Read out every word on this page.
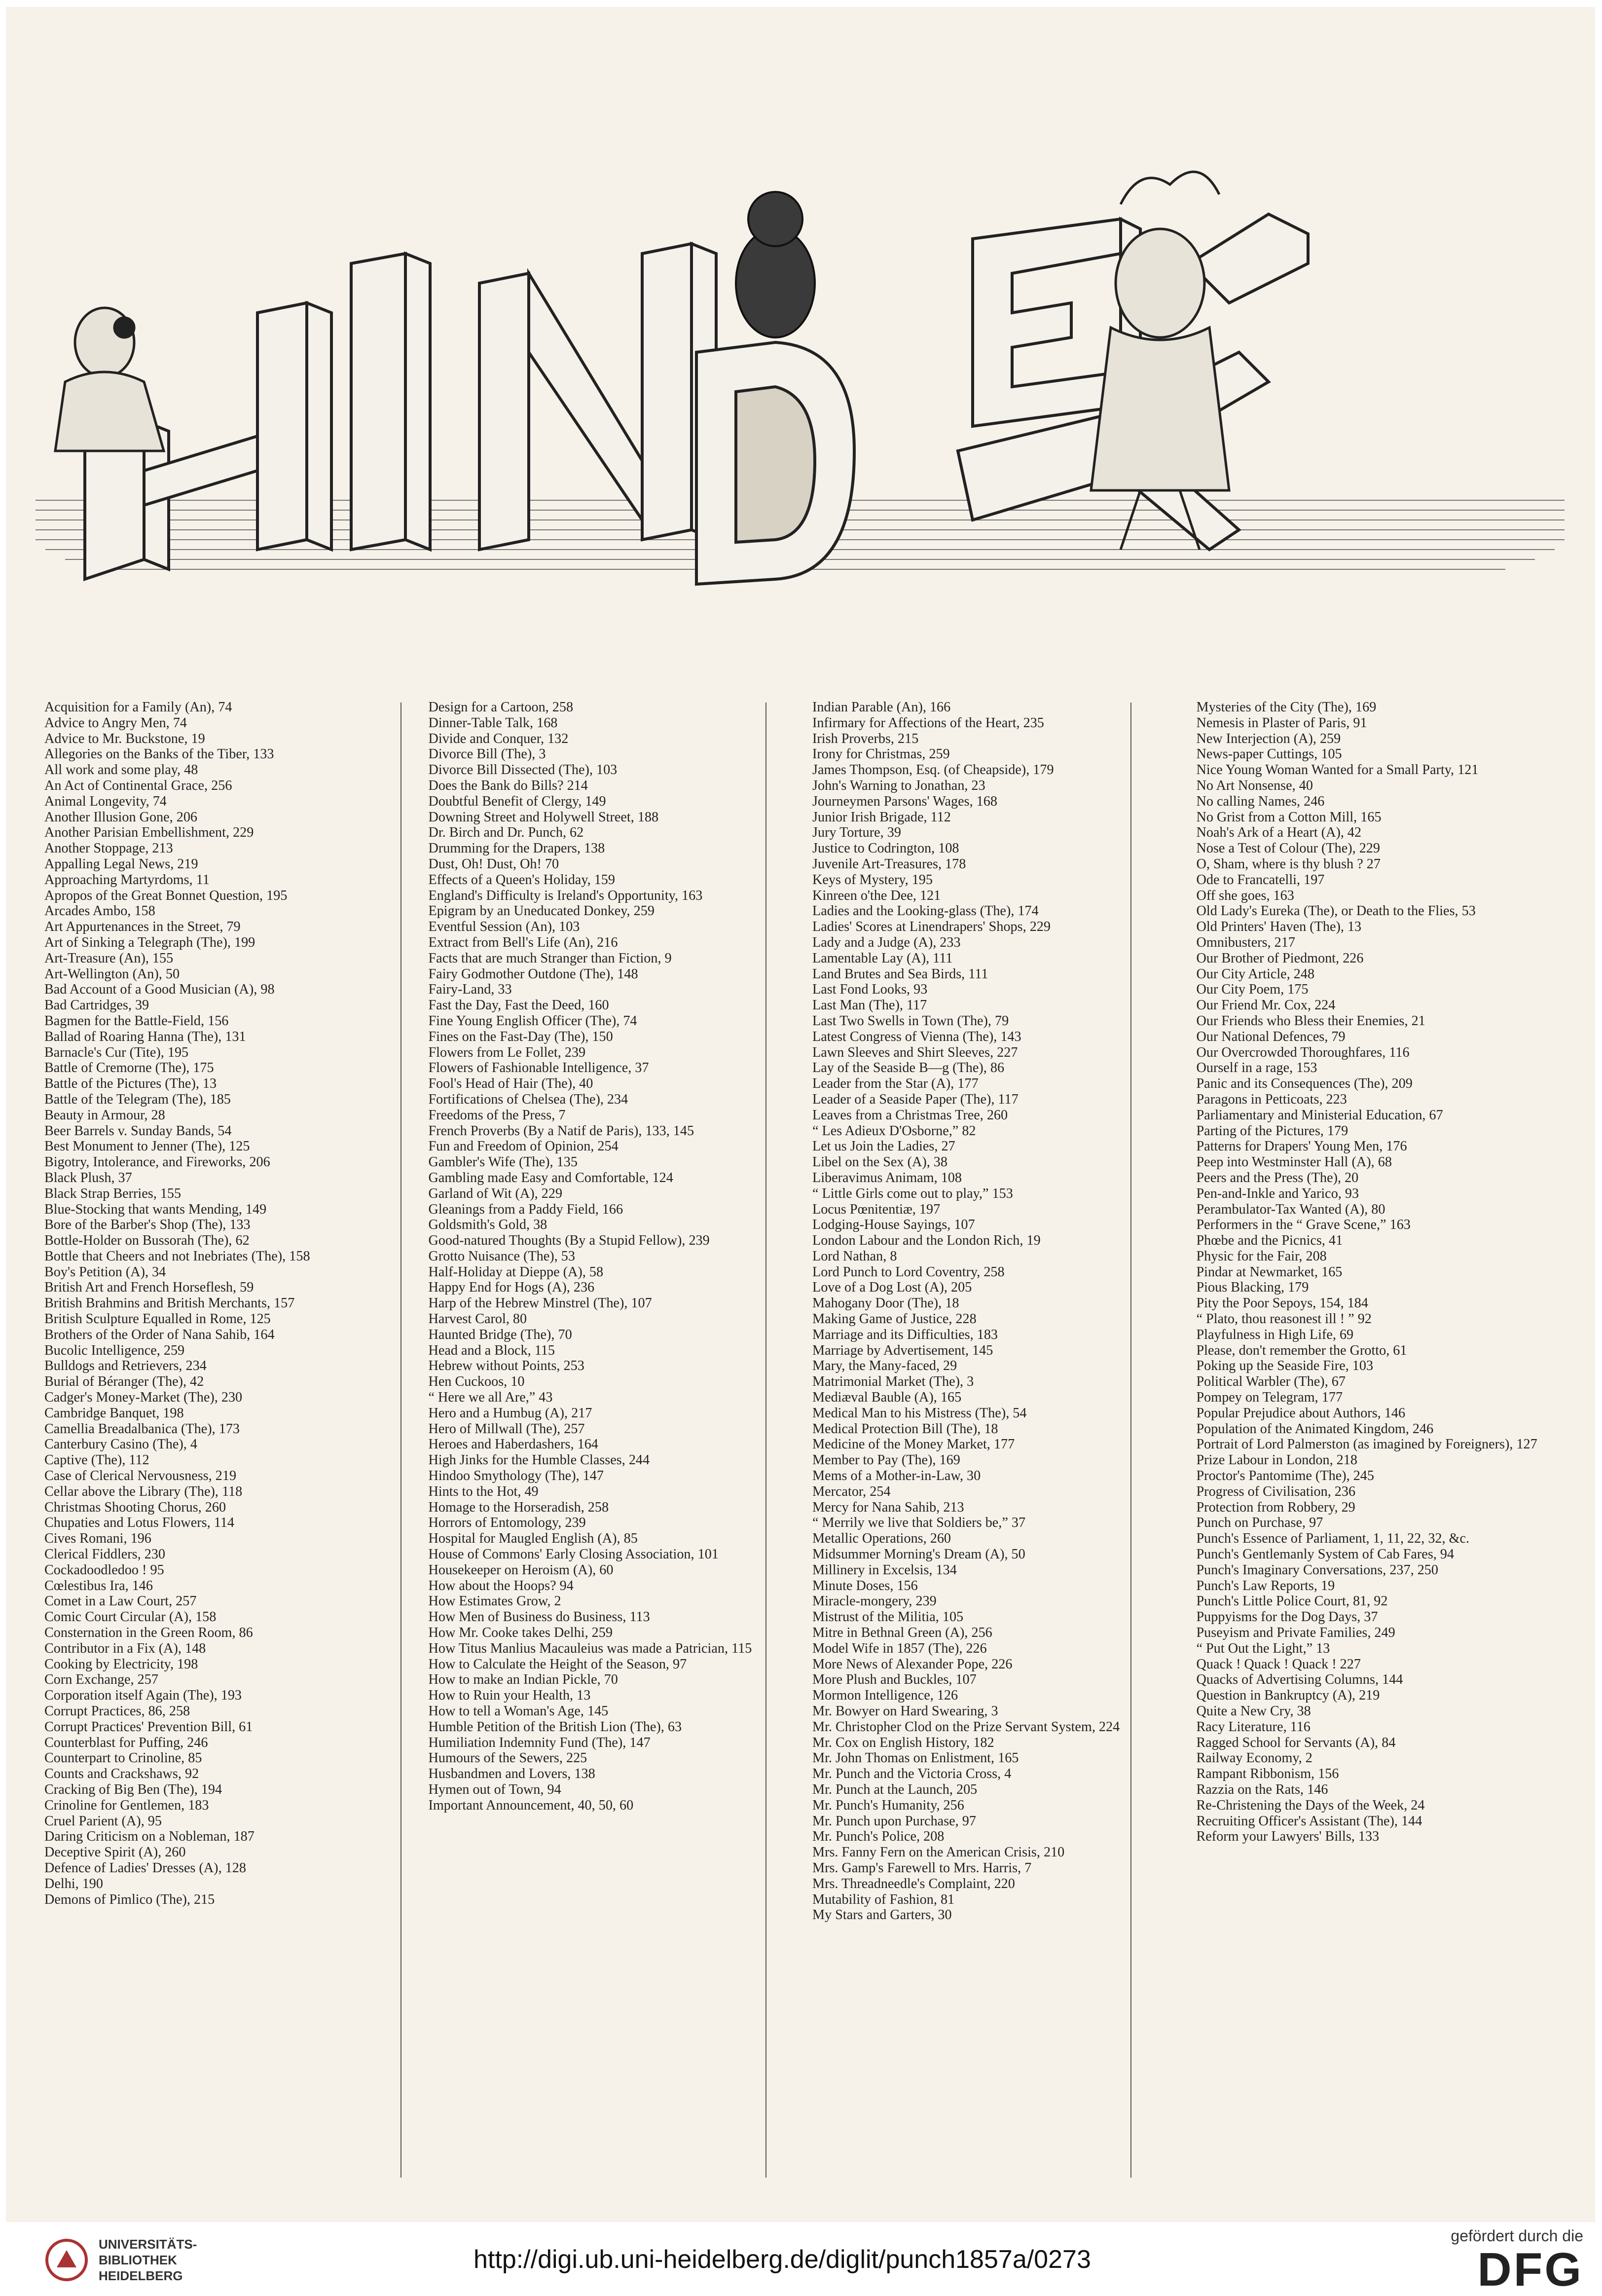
Acquisition for a Family (An), 74

Advice to Angry Men, 74

Advice to Mr. Buckstone, 19

Allegories on the Banks of the Tiber, 133

All work and some play, 48

An Act of Continental Grace, 256

Animal Longevity, 74

Another Illusion Gone, 206

Another Parisian Embellishment, 229

Another Stoppage, 213

Appalling Legal News, 219

Approaching Martyrdoms, 11

Apropos of the Great Bonnet Question, 195

Arcades Ambo, 158

Art Appurtenances in the Street, 79

Art of Sinking a Telegraph (The), 199

Art-Treasure (An), 155

Art-Wellington (An), 50

Bad Account of a Good Musician (A), 98

Bad Cartridges, 39

Bagmen for the Battle-Field, 156

Ballad of Roaring Hanna (The), 131

Barnacle's Cur (Tite), 195

Battle of Cremorne (The), 175

Battle of the Pictures (The), 13

Battle of the Telegram (The), 185

Beauty in Armour, 28

Beer Barrels v. Sunday Bands, 54

Best Monument to Jenner (The), 125

Bigotry, Intolerance, and Fireworks, 206

Black Plush, 37

Black Strap Berries, 155

Blue-Stocking that wants Mending, 149

Bore of the Barber's Shop (The), 133

Bottle-Holder on Bussorah (The), 62

Bottle that Cheers and not Inebriates (The), 158

Boy's Petition (A), 34

British Art and French Horseflesh, 59

British Brahmins and British Merchants, 157

British Sculpture Equalled in Rome, 125

Brothers of the Order of Nana Sahib, 164

Bucolic Intelligence, 259

Bulldogs and Retrievers, 234

Burial of Béranger (The), 42

Cadger's Money-Market (The), 230

Cambridge Banquet, 198

Camellia Breadalbanica (The), 173

Canterbury Casino (The), 4

Captive (The), 112

Case of Clerical Nervousness, 219

Cellar above the Library (The), 118

Christmas Shooting Chorus, 260

Chupaties and Lotus Flowers, 114

Cives Romani, 196

Clerical Fiddlers, 230

Cockadoodledoo ! 95

Cœlestibus Ira, 146

Comet in a Law Court, 257

Comic Court Circular (A), 158

Consternation in the Green Room, 86

Contributor in a Fix (A), 148

Cooking by Electricity, 198

Corn Exchange, 257

Corporation itself Again (The), 193

Corrupt Practices, 86, 258

Corrupt Practices' Prevention Bill, 61

Counterblast for Puffing, 246

Counterpart to Crinoline, 85

Counts and Crackshaws, 92

Cracking of Big Ben (The), 194

Crinoline for Gentlemen, 183

Cruel Parient (A), 95

Daring Criticism on a Nobleman, 187

Deceptive Spirit (A), 260

Defence of Ladies' Dresses (A), 128

Delhi, 190

Demons of Pimlico (The), 215

Design for a Cartoon, 258

Dinner-Table Talk, 168

Divide and Conquer, 132

Divorce Bill (The), 3

Divorce Bill Dissected (The), 103

Does the Bank do Bills? 214

Doubtful Benefit of Clergy, 149

Downing Street and Holywell Street, 188

Dr. Birch and Dr. Punch, 62

Drumming for the Drapers, 138

Dust, Oh! Dust, Oh! 70

Effects of a Queen's Holiday, 159

England's Difficulty is Ireland's Opportunity, 163

Epigram by an Uneducated Donkey, 259

Eventful Session (An), 103

Extract from Bell's Life (An), 216

Facts that are much Stranger than Fiction, 9

Fairy Godmother Outdone (The), 148

Fairy-Land, 33

Fast the Day, Fast the Deed, 160

Fine Young English Officer (The), 74

Fines on the Fast-Day (The), 150

Flowers from Le Follet, 239

Flowers of Fashionable Intelligence, 37

Fool's Head of Hair (The), 40

Fortifications of Chelsea (The), 234

Freedoms of the Press, 7

French Proverbs (By a Natif de Paris), 133, 145

Fun and Freedom of Opinion, 254

Gambler's Wife (The), 135

Gambling made Easy and Comfortable, 124

Garland of Wit (A), 229

Gleanings from a Paddy Field, 166

Goldsmith's Gold, 38

Good-natured Thoughts (By a Stupid Fellow), 239

Grotto Nuisance (The), 53

Half-Holiday at Dieppe (A), 58

Happy End for Hogs (A), 236

Harp of the Hebrew Minstrel (The), 107

Harvest Carol, 80

Haunted Bridge (The), 70

Head and a Block, 115

Hebrew without Points, 253

Hen Cuckoos, 10

“ Here we all Are,” 43

Hero and a Humbug (A), 217

Hero of Millwall (The), 257

Heroes and Haberdashers, 164

High Jinks for the Humble Classes, 244

Hindoo Smythology (The), 147

Hints to the Hot, 49

Homage to the Horseradish, 258

Horrors of Entomology, 239

Hospital for Maugled English (A), 85

House of Commons' Early Closing Association, 101

Housekeeper on Heroism (A), 60

How about the Hoops? 94

How Estimates Grow, 2

How Men of Business do Business, 113

How Mr. Cooke takes Delhi, 259

How Titus Manlius Macauleius was made a Patrician, 115

How to Calculate the Height of the Season, 97

How to make an Indian Pickle, 70

How to Ruin your Health, 13

How to tell a Woman's Age, 145

Humble Petition of the British Lion (The), 63

Humiliation Indemnity Fund (The), 147

Humours of the Sewers, 225

Husbandmen and Lovers, 138

Hymen out of Town, 94

Important Announcement, 40, 50, 60

Indian Parable (An), 166

Infirmary for Affections of the Heart, 235

Irish Proverbs, 215

Irony for Christmas, 259

James Thompson, Esq. (of Cheapside), 179

John's Warning to Jonathan, 23

Journeymen Parsons' Wages, 168

Junior Irish Brigade, 112

Jury Torture, 39

Justice to Codrington, 108

Juvenile Art-Treasures, 178

Keys of Mystery, 195

Kinreen o'the Dee, 121

Ladies and the Looking-glass (The), 174

Ladies' Scores at Linendrapers' Shops, 229

Lady and a Judge (A), 233

Lamentable Lay (A), 111

Land Brutes and Sea Birds, 111

Last Fond Looks, 93

Last Man (The), 117

Last Two Swells in Town (The), 79

Latest Congress of Vienna (The), 143

Lawn Sleeves and Shirt Sleeves, 227

Lay of the Seaside B—g (The), 86

Leader from the Star (A), 177

Leader of a Seaside Paper (The), 117

Leaves from a Christmas Tree, 260

“ Les Adieux D'Osborne,” 82

Let us Join the Ladies, 27

Libel on the Sex (A), 38

Liberavimus Animam, 108

“ Little Girls come out to play,” 153

Locus Pœnitentiæ, 197

Lodging-House Sayings, 107

London Labour and the London Rich, 19

Lord Nathan, 8

Lord Punch to Lord Coventry, 258

Love of a Dog Lost (A), 205

Mahogany Door (The), 18

Making Game of Justice, 228

Marriage and its Difficulties, 183

Marriage by Advertisement, 145

Mary, the Many-faced, 29

Matrimonial Market (The), 3

Mediæval Bauble (A), 165

Medical Man to his Mistress (The), 54

Medical Protection Bill (The), 18

Medicine of the Money Market, 177

Member to Pay (The), 169

Mems of a Mother-in-Law, 30

Mercator, 254

Mercy for Nana Sahib, 213

“ Merrily we live that Soldiers be,” 37

Metallic Operations, 260

Midsummer Morning's Dream (A), 50

Millinery in Excelsis, 134

Minute Doses, 156

Miracle-mongery, 239

Mistrust of the Militia, 105

Mitre in Bethnal Green (A), 256

Model Wife in 1857 (The), 226

More News of Alexander Pope, 226

More Plush and Buckles, 107

Mormon Intelligence, 126

Mr. Bowyer on Hard Swearing, 3

Mr. Christopher Clod on the Prize Servant System, 224

Mr. Cox on English History, 182

Mr. John Thomas on Enlistment, 165

Mr. Punch and the Victoria Cross, 4

Mr. Punch at the Launch, 205

Mr. Punch's Humanity, 256

Mr. Punch upon Purchase, 97

Mr. Punch's Police, 208

Mrs. Fanny Fern on the American Crisis, 210

Mrs. Gamp's Farewell to Mrs. Harris, 7

Mrs. Threadneedle's Complaint, 220

Mutability of Fashion, 81

My Stars and Garters, 30

Mysteries of the City (The), 169

Nemesis in Plaster of Paris, 91

New Interjection (A), 259

News-paper Cuttings, 105

Nice Young Woman Wanted for a Small Party, 121

No Art Nonsense, 40

No calling Names, 246

No Grist from a Cotton Mill, 165

Noah's Ark of a Heart (A), 42

Nose a Test of Colour (The), 229

O, Sham, where is thy blush ? 27

Ode to Francatelli, 197

Off she goes, 163

Old Lady's Eureka (The), or Death to the Flies, 53

Old Printers' Haven (The), 13

Omnibusters, 217

Our Brother of Piedmont, 226

Our City Article, 248

Our City Poem, 175

Our Friend Mr. Cox, 224

Our Friends who Bless their Enemies, 21

Our National Defences, 79

Our Overcrowded Thoroughfares, 116

Ourself in a rage, 153

Panic and its Consequences (The), 209

Paragons in Petticoats, 223

Parliamentary and Ministerial Education, 67

Parting of the Pictures, 179

Patterns for Drapers' Young Men, 176

Peep into Westminster Hall (A), 68

Peers and the Press (The), 20

Pen-and-Inkle and Yarico, 93

Perambulator-Tax Wanted (A), 80

Performers in the “ Grave Scene,” 163

Phœbe and the Picnics, 41

Physic for the Fair, 208

Pindar at Newmarket, 165

Pious Blacking, 179

Pity the Poor Sepoys, 154, 184

“ Plato, thou reasonest ill ! ” 92

Playfulness in High Life, 69

Please, don't remember the Grotto, 61

Poking up the Seaside Fire, 103

Political Warbler (The), 67

Pompey on Telegram, 177

Popular Prejudice about Authors, 146

Population of the Animated Kingdom, 246

Portrait of Lord Palmerston (as imagined by Foreigners), 127

Prize Labour in London, 218

Proctor's Pantomime (The), 245

Progress of Civilisation, 236

Protection from Robbery, 29

Punch on Purchase, 97

Punch's Essence of Parliament, 1, 11, 22, 32, &c.

Punch's Gentlemanly System of Cab Fares, 94

Punch's Imaginary Conversations, 237, 250

Punch's Law Reports, 19

Punch's Little Police Court, 81, 92

Puppyisms for the Dog Days, 37

Puseyism and Private Families, 249

“ Put Out the Light,” 13

Quack ! Quack ! Quack ! 227

Quacks of Advertising Columns, 144

Question in Bankruptcy (A), 219

Quite a New Cry, 38

Racy Literature, 116

Ragged School for Servants (A), 84

Railway Economy, 2

Rampant Ribbonism, 156

Razzia on the Rats, 146

Re-Christening the Days of the Week, 24

Recruiting Officer's Assistant (The), 144

Reform your Lawyers' Bills, 133

UNIVERSITÄTS-
BIBLIOTHEK
HEIDELBERG
http://digi.ub.uni-heidelberg.de/diglit/punch1857a/0273
gefördert durch die
DFG
